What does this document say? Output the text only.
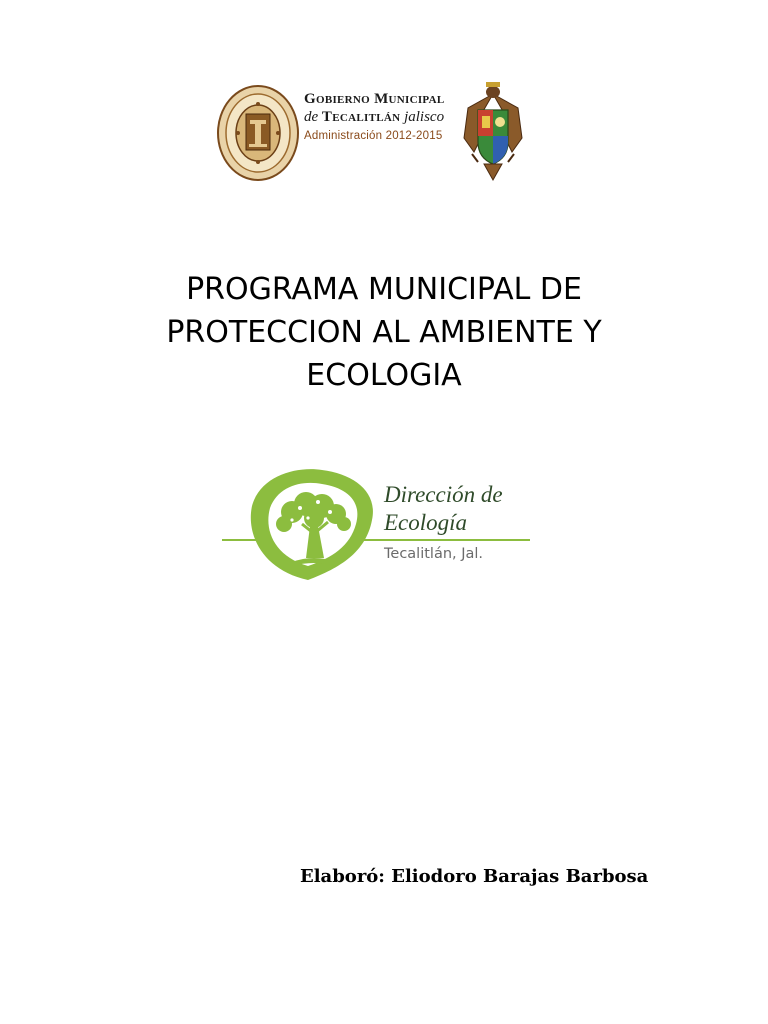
Gobierno Municipal
de Tecalitlán jalisco
Administración 2012-2015
PROGRAMA MUNICIPAL DE
PROTECCION AL AMBIENTE Y
ECOLOGIA
Dirección de
Ecología
Tecalitlán, Jal.
Elaboró: Eliodoro Barajas Barbosa
